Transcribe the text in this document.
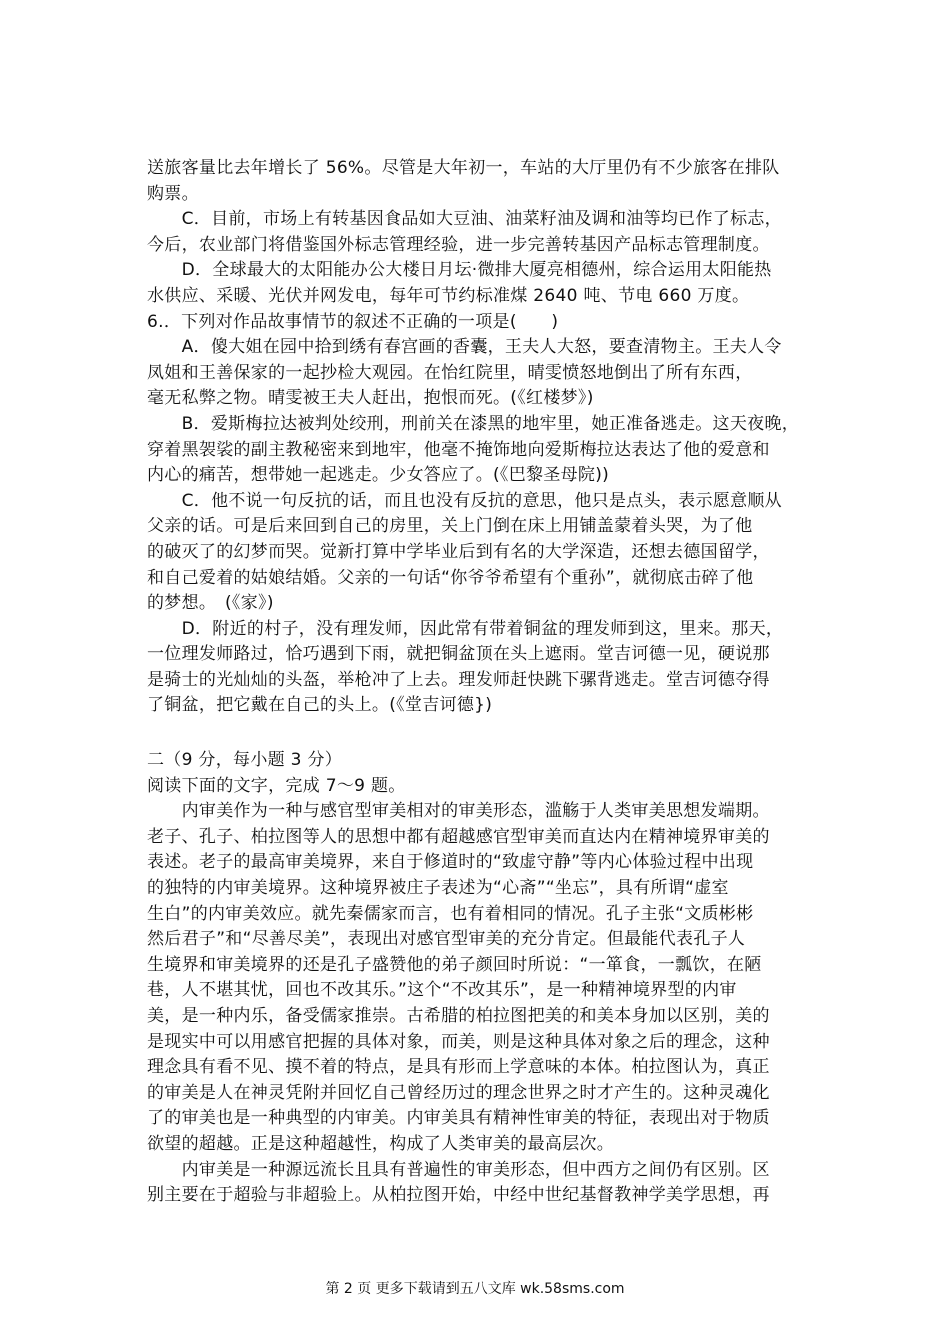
送旅客量比去年增长了 56%。尽管是大年初一，车站的大厅里仍有不少旅客在排队
购票。
　　C．目前，市场上有转基因食品如大豆油、油菜籽油及调和油等均已作了标志，
今后，农业部门将借鉴国外标志管理经验，进一步完善转基因产品标志管理制度。
　　D．全球最大的太阳能办公大楼日月坛·微排大厦亮相德州，综合运用太阳能热
水供应、采暖、光伏并网发电，每年可节约标准煤 2640 吨、节电 660 万度。
6.．下列对作品故事情节的叙述不正确的一项是(　　)
　　A．傻大姐在园中拾到绣有春宫画的香囊，王夫人大怒，要查清物主。王夫人令
凤姐和王善保家的一起抄检大观园。在怡红院里，晴雯愤怒地倒出了所有东西，
毫无私弊之物。晴雯被王夫人赶出，抱恨而死。(《红楼梦》)
　　B．爱斯梅拉达被判处绞刑，刑前关在漆黑的地牢里，她正准备逃走。这天夜晚，
穿着黑袈裟的副主教秘密来到地牢，他毫不掩饰地向爱斯梅拉达表达了他的爱意和
内心的痛苦，想带她一起逃走。少女答应了。(《巴黎圣母院))
　　C．他不说一句反抗的话，而且也没有反抗的意思，他只是点头，表示愿意顺从
父亲的话。可是后来回到自己的房里，关上门倒在床上用铺盖蒙着头哭，为了他
的破灭了的幻梦而哭。觉新打算中学毕业后到有名的大学深造，还想去德国留学，
和自己爱着的姑娘结婚。父亲的一句话“你爷爷希望有个重孙”，就彻底击碎了他
的梦想。　(《家》)
　　D．附近的村子，没有理发师，因此常有带着铜盆的理发师到这，里来。那天，
一位理发师路过，恰巧遇到下雨，就把铜盆顶在头上遮雨。堂吉诃德一见，硬说那
是骑士的光灿灿的头盔，举枪冲了上去。理发师赶快跳下骡背逃走。堂吉诃德夺得
了铜盆，把它戴在自己的头上。(《堂吉诃德})
二（9 分，每小题 3 分）
阅读下面的文字，完成 7～9 题。
　　内审美作为一种与感官型审美相对的审美形态，滥觞于人类审美思想发端期。
老子、孔子、柏拉图等人的思想中都有超越感官型审美而直达内在精神境界审美的
表述。老子的最高审美境界，来自于修道时的“致虚守静”等内心体验过程中出现
的独特的内审美境界。这种境界被庄子表述为“心斋”“坐忘”，具有所谓“虚室
生白”的内审美效应。就先秦儒家而言，也有着相同的情况。孔子主张“文质彬彬
然后君子”和“尽善尽美”，表现出对感官型审美的充分肯定。但最能代表孔子人
生境界和审美境界的还是孔子盛赞他的弟子颜回时所说：“一箪食，一瓢饮，在陋
巷，人不堪其忧，回也不改其乐。”这个“不改其乐”，是一种精神境界型的内审
美，是一种内乐，备受儒家推崇。古希腊的柏拉图把美的和美本身加以区别，美的
是现实中可以用感官把握的具体对象，而美，则是这种具体对象之后的理念，这种
理念具有看不见、摸不着的特点，是具有形而上学意味的本体。柏拉图认为，真正
的审美是人在神灵凭附并回忆自己曾经历过的理念世界之时才产生的。这种灵魂化
了的审美也是一种典型的内审美。内审美具有精神性审美的特征，表现出对于物质
欲望的超越。正是这种超越性，构成了人类审美的最高层次。
　　内审美是一种源远流长且具有普遍性的审美形态，但中西方之间仍有区别。区
别主要在于超验与非超验上。从柏拉图开始，中经中世纪基督教神学美学思想，再
第 2 页 更多下载请到五八文库 wk.58sms.com
